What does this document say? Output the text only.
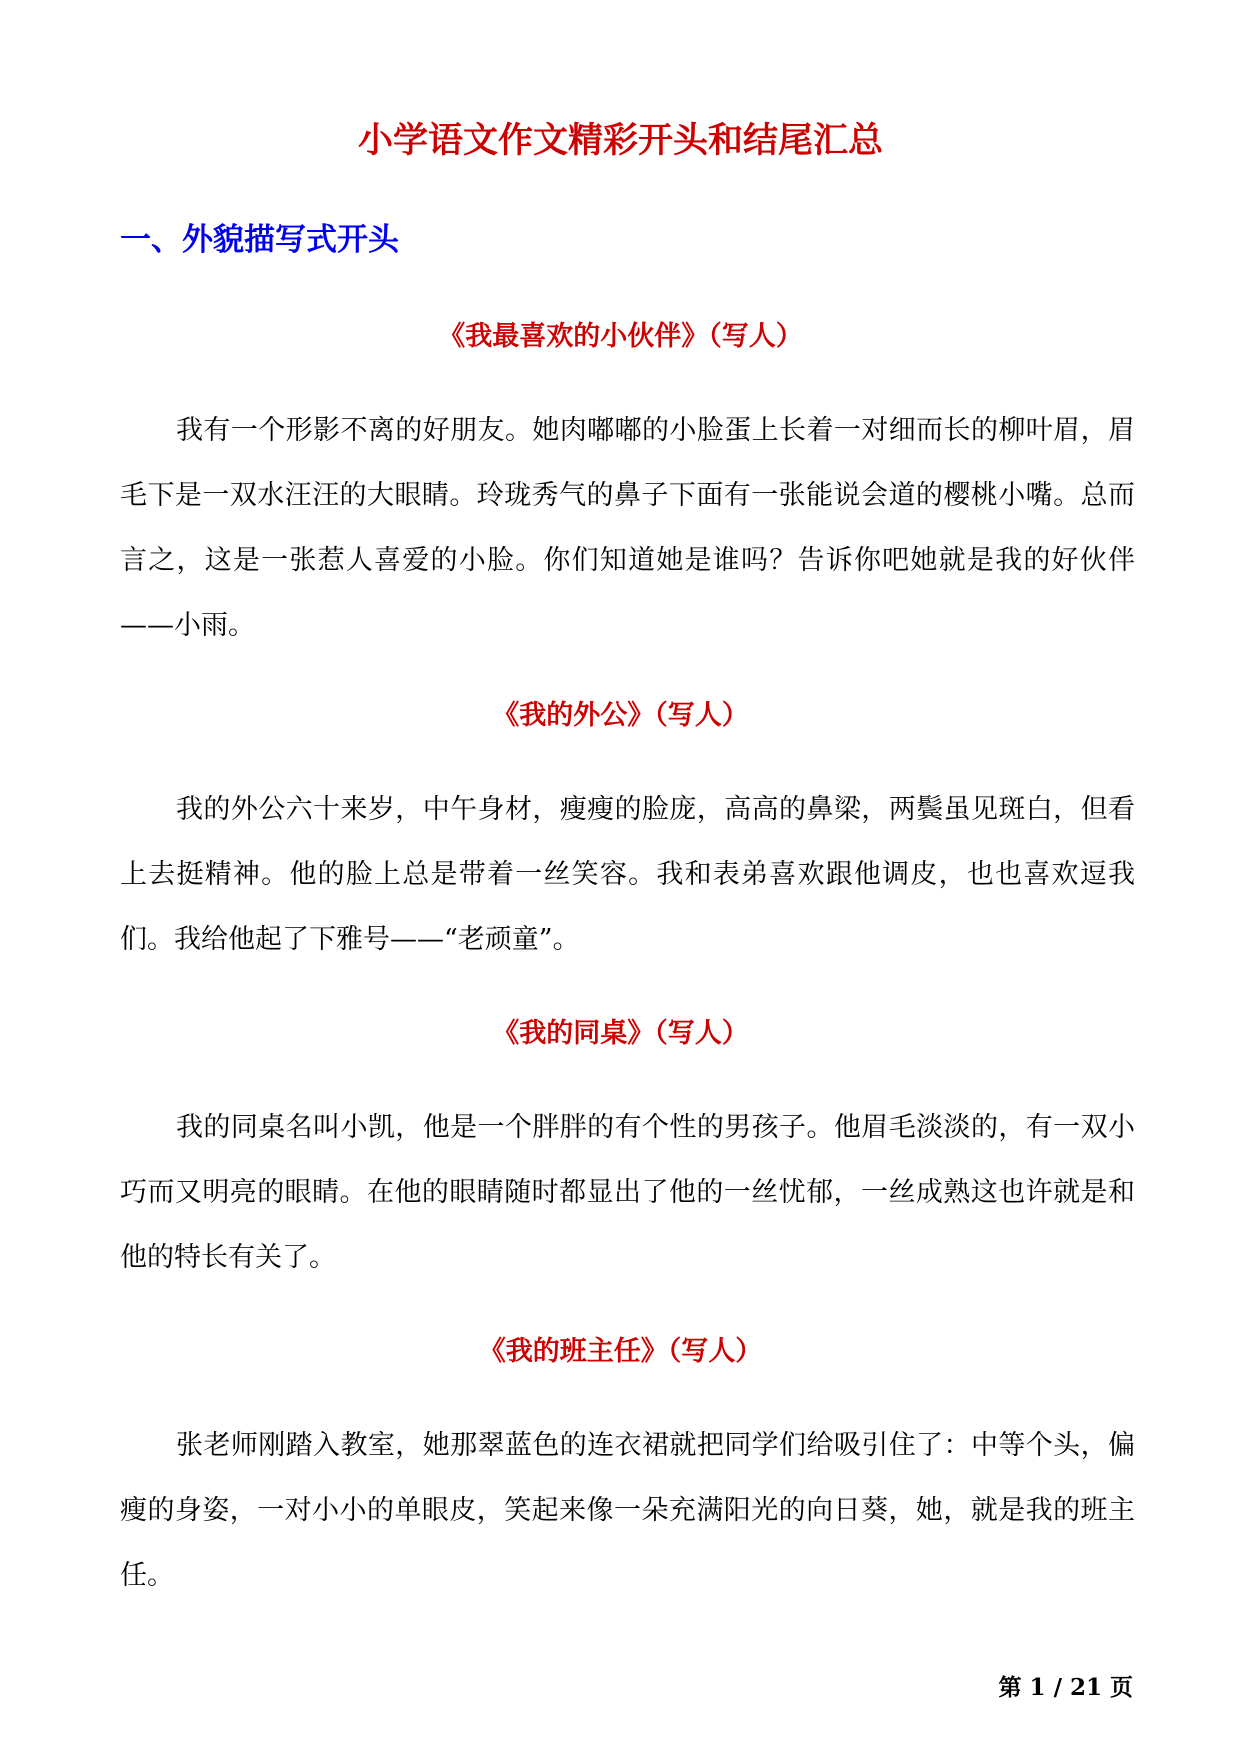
小学语文作文精彩开头和结尾汇总
一、外貌描写式开头
《我最喜欢的小伙伴》（写人）

我有一个形影不离的好朋友。她肉嘟嘟的小脸蛋上长着一对细而长的柳叶眉，眉毛下是一双水汪汪的大眼睛。玲珑秀气的鼻子下面有一张能说会道的樱桃小嘴。总而言之，这是一张惹人喜爱的小脸。你们知道她是谁吗？告诉你吧她就是我的好伙伴——小雨。

《我的外公》（写人）

我的外公六十来岁，中午身材，瘦瘦的脸庞，高高的鼻梁，两鬓虽见斑白，但看上去挺精神。他的脸上总是带着一丝笑容。我和表弟喜欢跟他调皮，也也喜欢逗我们。我给他起了下雅号——“老顽童”。

《我的同桌》（写人）

我的同桌名叫小凯，他是一个胖胖的有个性的男孩子。他眉毛淡淡的，有一双小巧而又明亮的眼睛。在他的眼睛随时都显出了他的一丝忧郁，一丝成熟这也许就是和他的特长有关了。

《我的班主任》（写人）

张老师刚踏入教室，她那翠蓝色的连衣裙就把同学们给吸引住了：中等个头，偏瘦的身姿，一对小小的单眼皮，笑起来像一朵充满阳光的向日葵，她，就是我的班主任。

第 1 / 21 页
